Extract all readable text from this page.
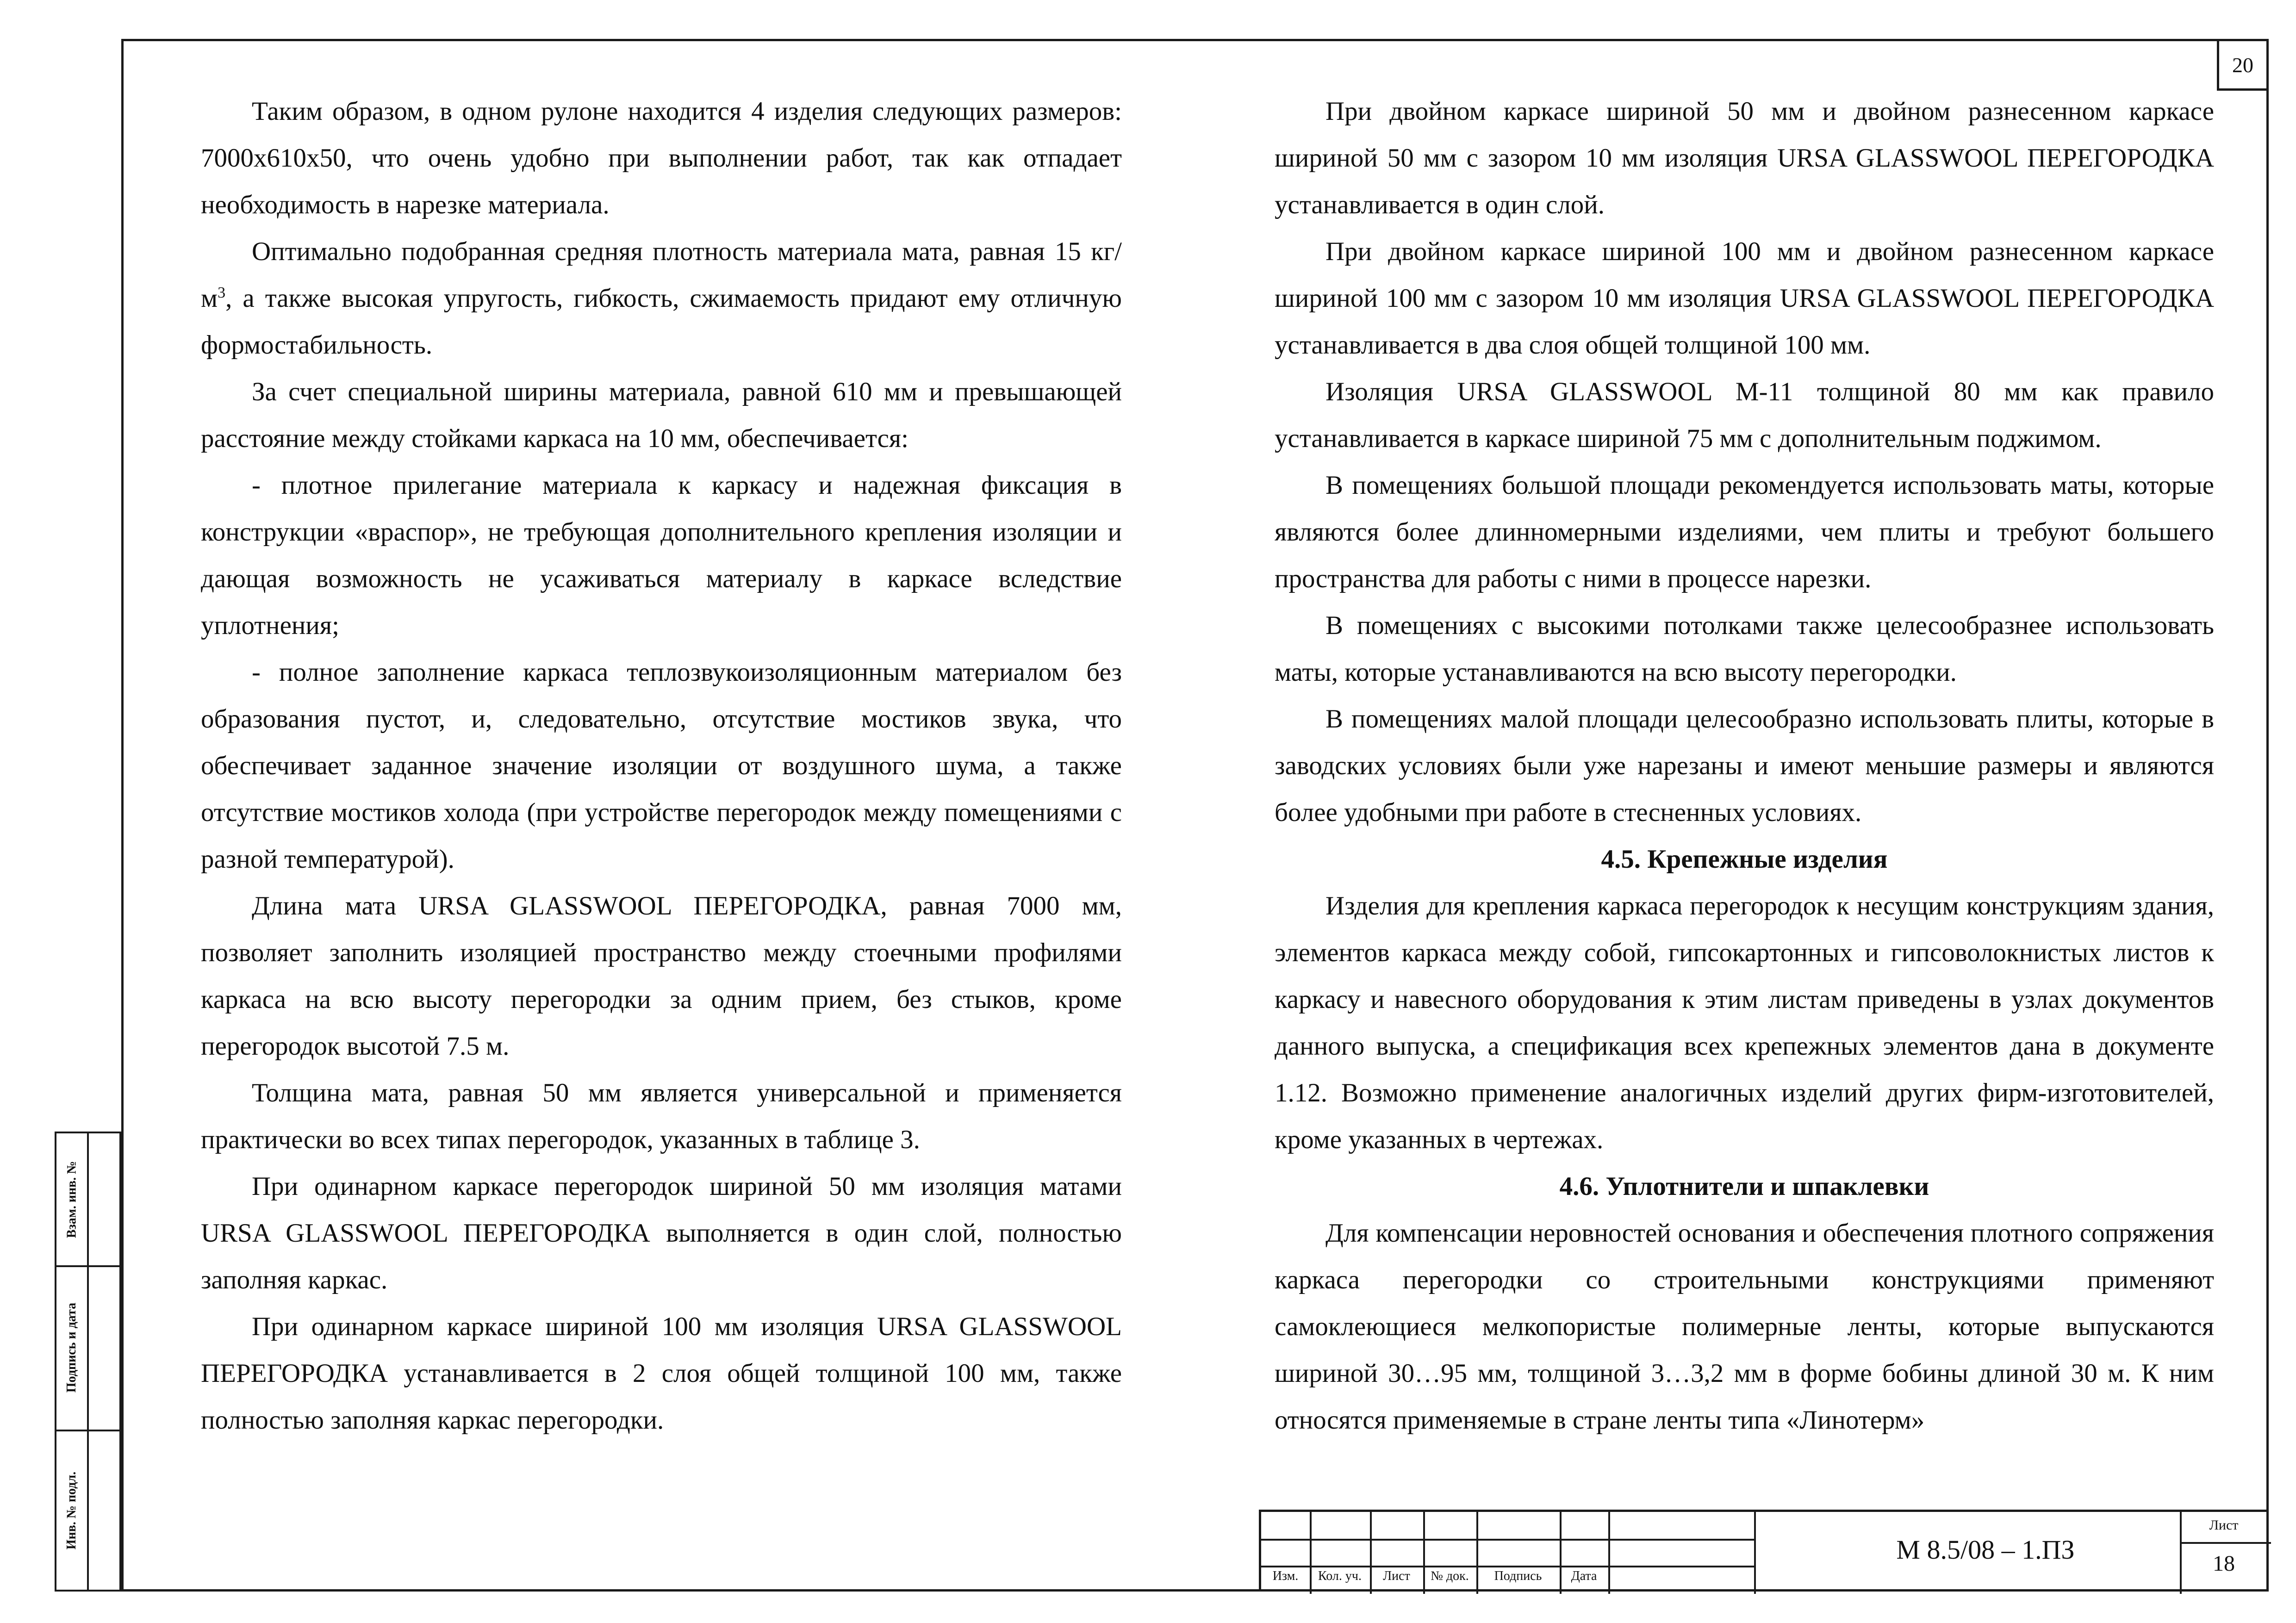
20

Таким образом, в одном рулоне находится 4 изделия следующих размеров: 7000х610х50, что очень удобно при выполнении работ, так как отпадает необходимость в нарезке материала.

Оптимально подобранная средняя плотность материала мата, равная 15 $кг/м^3$, а также высокая упругость, гибкость, сжимаемость придают ему отличную формостабильность.

За счет специальной ширины материала, равной 610 мм и превышающей расстояние между стойками каркаса на 10 мм, обеспечивается:

- плотное прилегание материала к каркасу и надежная фиксация в конструкции «враспор», не требующая дополнительного крепления изоляции и дающая возможность не усаживаться материалу в каркасе вследствие уплотнения;

- полное заполнение каркаса теплозвукоизоляционным материалом без образования пустот, и, следовательно, отсутствие мостиков звука, что обеспечивает заданное значение изоляции от воздушного шума, а также отсутствие мостиков холода (при устройстве перегородок между помещениями с разной температурой).

Длина мата URSA GLASSWOOL ПЕРЕГОРОДКА, равная 7000 мм, позволяет заполнить изоляцией пространство между стоечными профилями каркаса на всю высоту перегородки за одним прием, без стыков, кроме перегородок высотой 7.5 м.

Толщина мата, равная 50 мм является универсальной и применяется практически во всех типах перегородок, указанных в таблице 3.

При одинарном каркасе перегородок шириной 50 мм изоляция матами URSA GLASSWOOL ПЕРЕГОРОДКА выполняется в один слой, полностью заполняя каркас.

При одинарном каркасе шириной 100 мм изоляция URSA GLASSWOOL ПЕРЕГОРОДКА устанавливается в 2 слоя общей толщиной 100 мм, также полностью заполняя каркас перегородки.

При двойном каркасе шириной 50 мм и двойном разнесенном каркасе шириной 50 мм с зазором 10 мм изоляция URSA GLASSWOOL ПЕРЕГОРОДКА устанавливается в один слой.

При двойном каркасе шириной 100 мм и двойном разнесенном каркасе шириной 100 мм с зазором 10 мм изоляция URSA GLASSWOOL ПЕРЕГОРОДКА устанавливается в два слоя общей толщиной 100 мм.

Изоляция URSA GLASSWOOL М-11 толщиной 80 мм как правило устанавливается в каркасе шириной 75 мм с дополнительным поджимом.

В помещениях большой площади рекомендуется использовать маты, которые являются более длинномерными изделиями, чем плиты и требуют большего пространства для работы с ними в процессе нарезки.

В помещениях с высокими потолками также целесообразнее использовать маты, которые устанавливаются на всю высоту перегородки.

В помещениях малой площади целесообразно использовать плиты, которые в заводских условиях были уже нарезаны и имеют меньшие размеры и являются более удобными при работе в стесненных условиях.

4.5. Крепежные изделия

Изделия для крепления каркаса перегородок к несущим конструкциям здания, элементов каркаса между собой, гипсокартонных и гипсоволокнистых листов к каркасу и навесного оборудования к этим листам приведены в узлах документов данного выпуска, а спецификация всех крепежных элементов дана в документе 1.12. Возможно применение аналогичных изделий других фирм-изготовителей, кроме указанных в чертежах.

4.6. Уплотнители и шпаклевки

Для компенсации неровностей основания и обеспечения плотного сопряжения каркаса перегородки со строительными конструкциями применяют самоклеющиеся мелкопористые полимерные ленты, которые выпускаются шириной 30…95 мм, толщиной 3…3,2 мм в форме бобины длиной 30 м. К ним относятся применяемые в стране ленты типа «Линотерм»

Взам. инв. №
Подпись и дата
Инв. № подл.
Изм.	Кол. уч.	Лист	№ док.	Подпись	Дата
М 8.5/08 – 1.ПЗ
Лист
18
